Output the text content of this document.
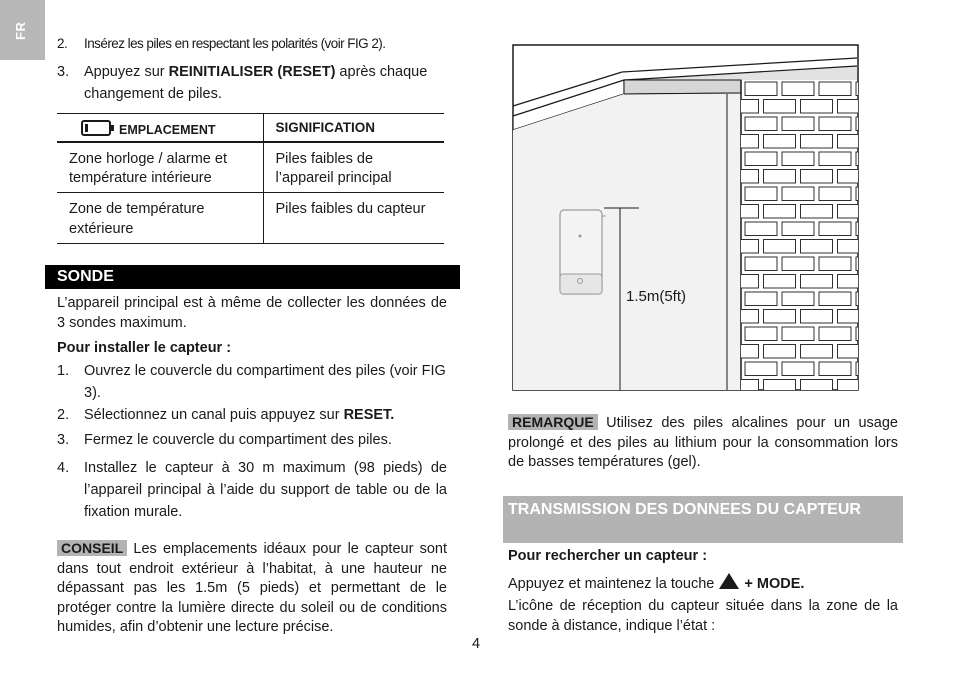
FR
2.	Insérez les piles en respectant les polarités (voir FIG 2).
3.	Appuyez sur REINITIALISER (RESET) après chaque changement de piles.
EMPLACEMENT	SIGNIFICATION
Zone horloge / alarme et température intérieure	Piles faibles de l’appareil principal
Zone de température extérieure	Piles faibles du capteur
SONDE
L’appareil principal est à même de collecter les données de 3 sondes maximum.
Pour installer le capteur :
1.	Ouvrez le couvercle du compartiment des piles (voir FIG 3).
2.	Sélectionnez un canal puis appuyez sur RESET.
3.	Fermez le couvercle du compartiment des piles.
4.	Installez le capteur à 30 m maximum (98 pieds) de l’appareil principal à l’aide du support de table ou de la fixation murale.
CONSEIL Les emplacements idéaux pour le capteur sont dans tout endroit extérieur à l’habitat, à une hauteur ne dépassant pas les 1.5m (5 pieds) et permettant de le protéger contre la lumière directe du soleil ou de conditions humides, afin d’obtenir une lecture précise.
1.5m(5ft)
REMARQUE Utilisez des piles alcalines pour un usage prolongé et des piles au lithium pour la consommation lors de basses températures (gel).
TRANSMISSION DES DONNEES DU CAPTEUR
Pour rechercher un capteur :
Appuyez et maintenez la touche  + MODE.
L’icône de réception du capteur située dans la zone de la sonde à distance, indique l’état :
4
